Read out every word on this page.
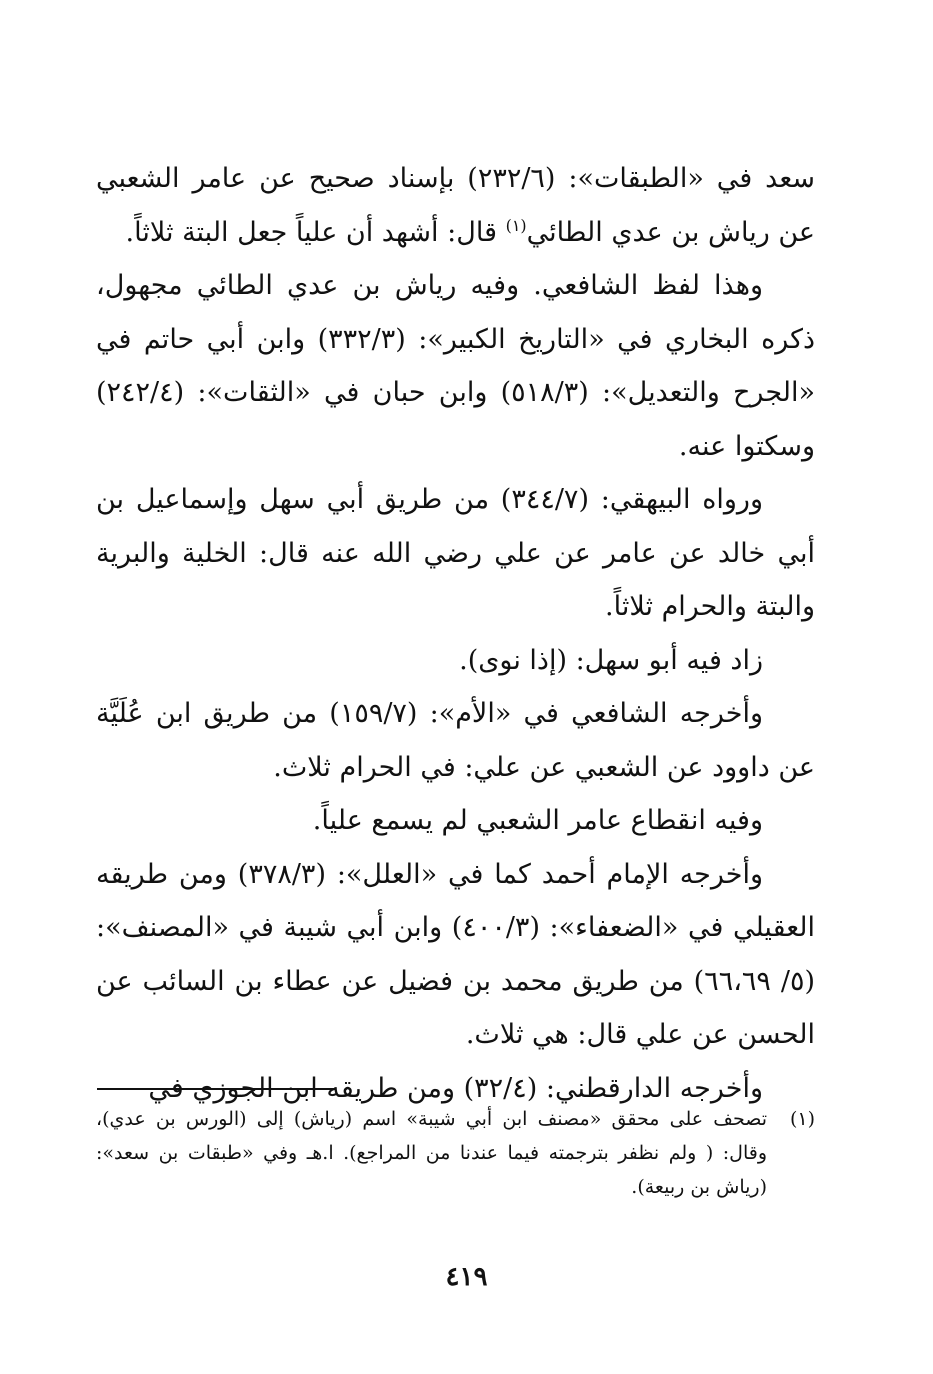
سعد في «الطبقات»: (٢٣٢/٦) بإسناد صحيح عن عامر الشعبي عن رياش بن عدي الطائي$^{(١)}$ قال: أشهد أن علياً جعل البتة ثلاثاً.

وهذا لفظ الشافعي. وفيه رياش بن عدي الطائي مجهول، ذكره البخاري في «التاريخ الكبير»: (٣٣٢/٣) وابن أبي حاتم في «الجرح والتعديل»: (٥١٨/٣) وابن حبان في «الثقات»: (٢٤٢/٤) وسكتوا عنه.

ورواه البيهقي: (٣٤٤/٧) من طريق أبي سهل وإسماعيل بن أبي خالد عن عامر عن علي رضي الله عنه قال: الخلية والبرية والبتة والحرام ثلاثاً.

زاد فيه أبو سهل: (إذا نوى).

وأخرجه الشافعي في «الأم»: (١٥٩/٧) من طريق ابن عُلَيَّة عن داوود عن الشعبي عن علي: في الحرام ثلاث.

وفيه انقطاع عامر الشعبي لم يسمع علياً.

وأخرجه الإمام أحمد كما في «العلل»: (٣٧٨/٣) ومن طريقه العقيلي في «الضعفاء»: (٤٠٠/٣) وابن أبي شيبة في «المصنف»: (٥/ ٦٦،٦٩) من طريق محمد بن فضيل عن عطاء بن السائب عن الحسن عن علي قال: هي ثلاث.

وأخرجه الدارقطني: (٣٢/٤) ومن طريقه ابن الجوزي في

(١)
تصحف على محقق «مصنف ابن أبي شيبة» اسم (رياش) إلى (الورس بن عدي)، وقال: ( ولم نظفر بترجمته فيما عندنا من المراجع). ا.هـ وفي «طبقات بن سعد»: (رياش بن ربيعة).
٤١٩
